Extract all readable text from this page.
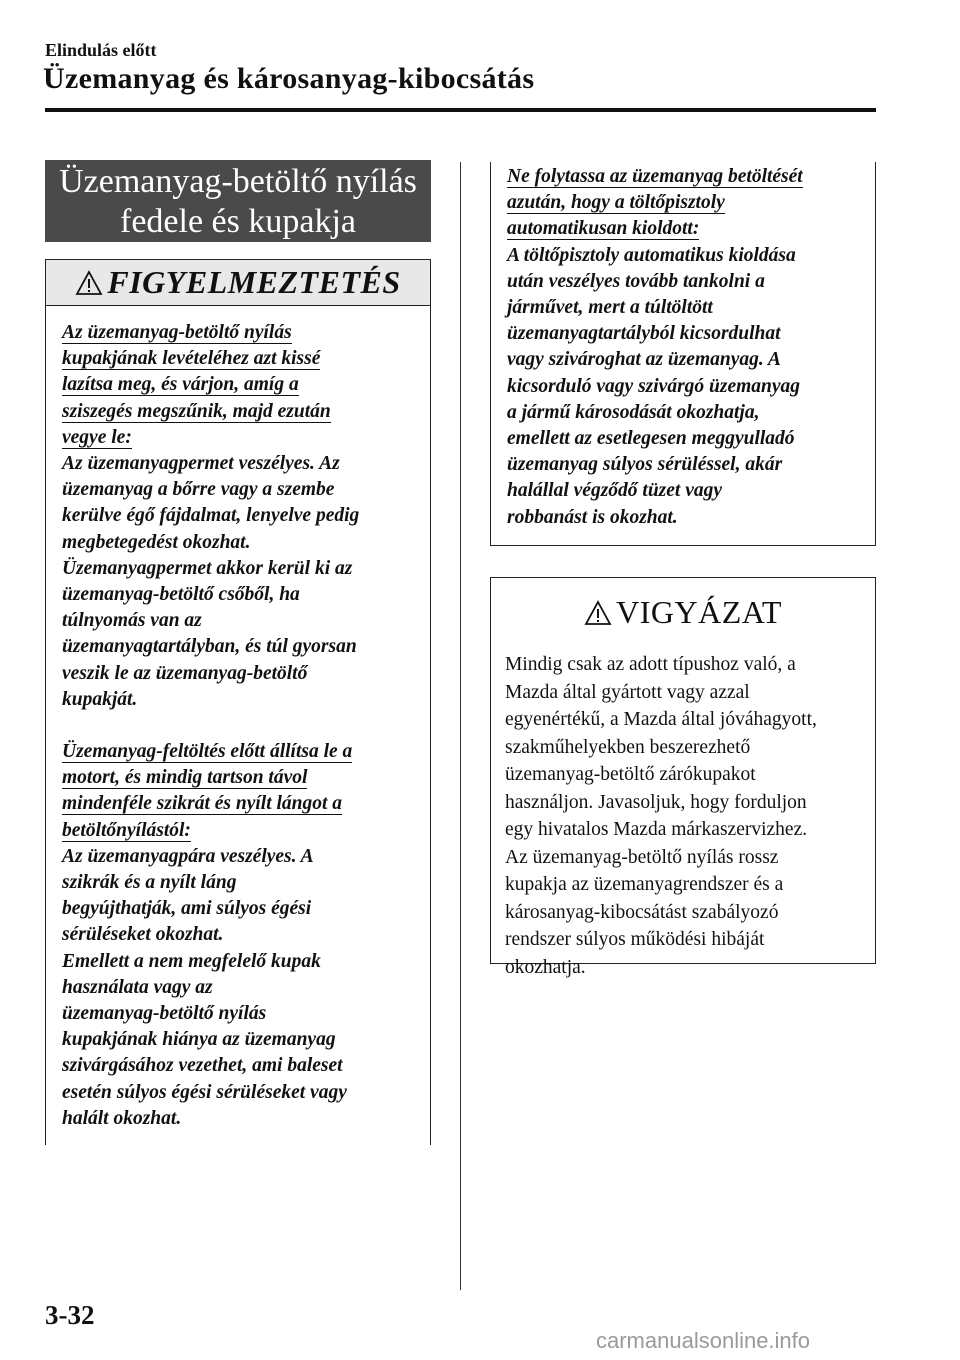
Elindulás előtt
Üzemanyag és károsanyag-kibocsátás
Üzemanyag-betöltő nyílás
fedele és kupakja
FIGYELMEZTETÉS
Az üzemanyag-betöltő nyílás
kupakjának levételéhez azt kissé
lazítsa meg, és várjon, amíg a
sziszegés megszűnik, majd ezután
vegye le:
Az üzemanyagpermet veszélyes. Az
üzemanyag a bőrre vagy a szembe
kerülve égő fájdalmat, lenyelve pedig
megbetegedést okozhat.
Üzemanyagpermet akkor kerül ki az
üzemanyag-betöltő csőből, ha
túlnyomás van az
üzemanyagtartályban, és túl gyorsan
veszik le az üzemanyag-betöltő
kupakját.
Üzemanyag-feltöltés előtt állítsa le a
motort, és mindig tartson távol
mindenféle szikrát és nyílt lángot a
betöltőnyílástól:
Az üzemanyagpára veszélyes. A
szikrák és a nyílt láng
begyújthatják, ami súlyos égési
sérüléseket okozhat.
Emellett a nem megfelelő kupak
használata vagy az
üzemanyag-betöltő nyílás
kupakjának hiánya az üzemanyag
szivárgásához vezethet, ami baleset
esetén súlyos égési sérüléseket vagy
halált okozhat.
Ne folytassa az üzemanyag betöltését
azután, hogy a töltőpisztoly
automatikusan kioldott:
A töltőpisztoly automatikus kioldása
után veszélyes tovább tankolni a
járművet, mert a túltöltött
üzemanyagtartályból kicsordulhat
vagy szivároghat az üzemanyag. A
kicsorduló vagy szivárgó üzemanyag
a jármű károsodását okozhatja,
emellett az esetlegesen meggyulladó
üzemanyag súlyos sérüléssel, akár
halállal végződő tüzet vagy
robbanást is okozhat.
VIGYÁZAT
Mindig csak az adott típushoz való, a
Mazda által gyártott vagy azzal
egyenértékű, a Mazda által jóváhagyott,
szakműhelyekben beszerezhető
üzemanyag-betöltő zárókupakot
használjon. Javasoljuk, hogy forduljon
egy hivatalos Mazda márkaszervizhez.
Az üzemanyag-betöltő nyílás rossz
kupakja az üzemanyagrendszer és a
károsanyag-kibocsátást szabályozó
rendszer súlyos működési hibáját
okozhatja.
3-32
carmanualsonline.info
